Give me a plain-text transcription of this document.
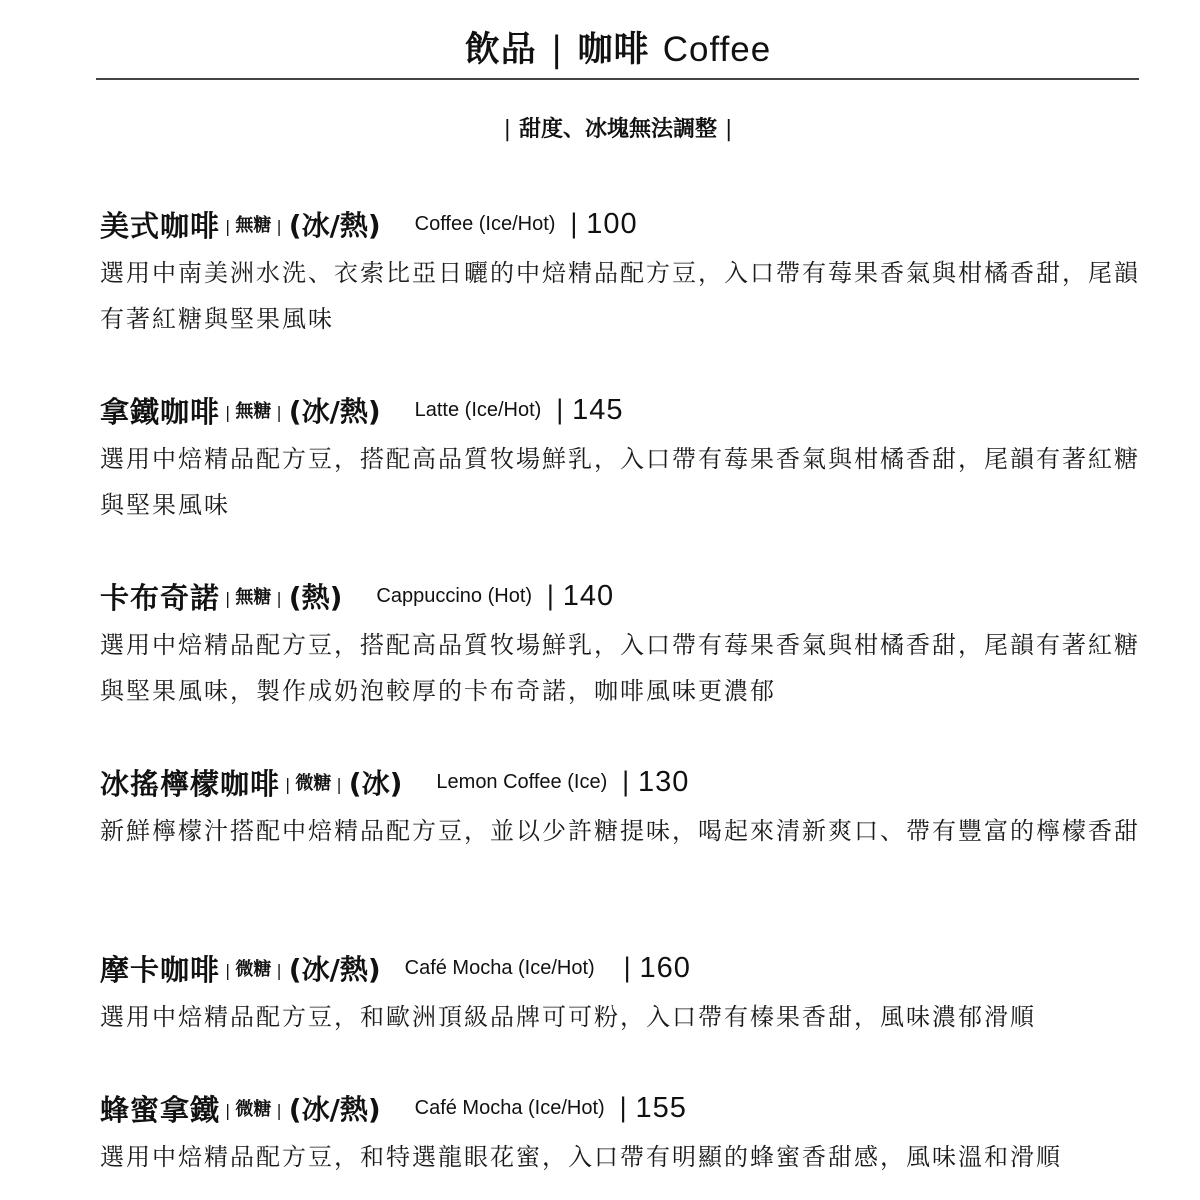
飲品 | 咖啡 Coffee
| 甜度、冰塊無法調整 |
美式咖啡 | 無糖 | (冰/熱) Coffee (Ice/Hot) | 100

選用中南美洲水洗、衣索比亞日曬的中焙精品配方豆，入口帶有莓果香氣與柑橘香甜，尾韻有著紅糖與堅果風味

拿鐵咖啡 | 無糖 | (冰/熱) Latte (Ice/Hot) | 145

選用中焙精品配方豆，搭配高品質牧場鮮乳，入口帶有莓果香氣與柑橘香甜，尾韻有著紅糖與堅果風味

卡布奇諾 | 無糖 | (熱) Cappuccino (Hot) | 140

選用中焙精品配方豆，搭配高品質牧場鮮乳，入口帶有莓果香氣與柑橘香甜，尾韻有著紅糖與堅果風味，製作成奶泡較厚的卡布奇諾，咖啡風味更濃郁

冰搖檸檬咖啡 | 微糖 | (冰) Lemon Coffee (Ice) | 130

新鮮檸檬汁搭配中焙精品配方豆，並以少許糖提味，喝起來清新爽口、帶有豐富的檸檬香甜

摩卡咖啡 | 微糖 | (冰/熱) Café Mocha (Ice/Hot) | 160

選用中焙精品配方豆，和歐洲頂級品牌可可粉，入口帶有榛果香甜，風味濃郁滑順

蜂蜜拿鐵 | 微糖 | (冰/熱) Café Mocha (Ice/Hot) | 155

選用中焙精品配方豆，和特選龍眼花蜜，入口帶有明顯的蜂蜜香甜感，風味溫和滑順
